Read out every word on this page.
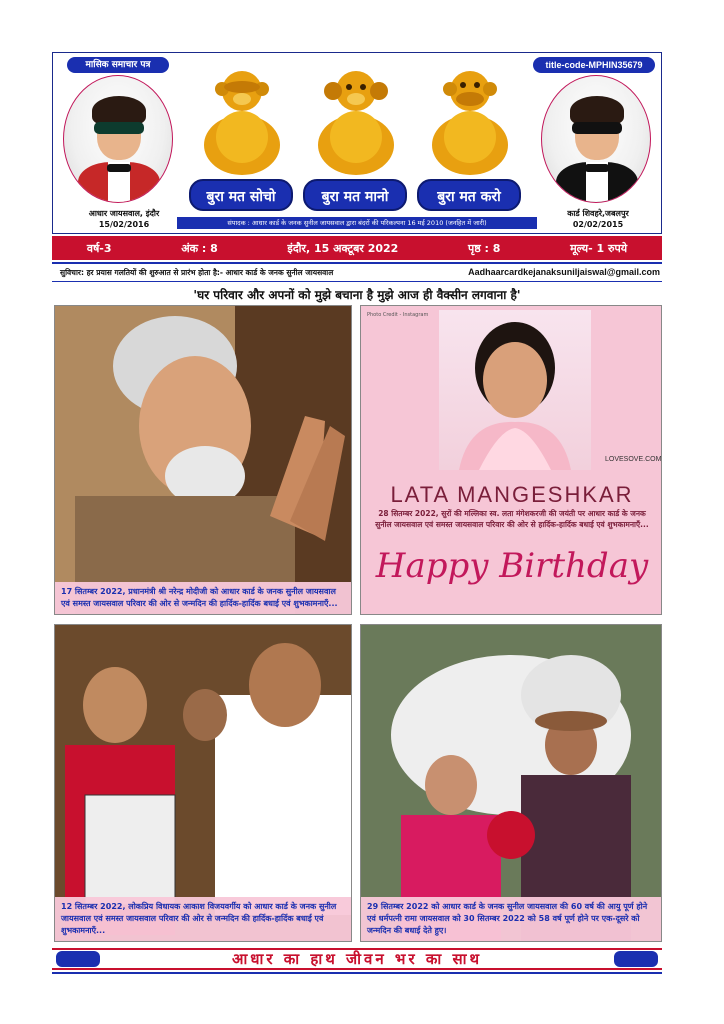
मासिक समाचार पत्र	title-code-MPHIN35679
आधार जायसवाल, इंदौर
15/02/2016
बुरा मत सोचो	बुरा मत मानो	बुरा मत करो
संपादक : आधार कार्ड के जनक सुनील जायसवाल द्वारा बंदरों की परिकल्पना 16 मई 2010 (जनहित में जारी)
कार्ड शिवहरे,जबलपुर
02/02/2015
वर्ष-3	अंक : 8	इंदौर, 15 अक्टूबर 2022	पृष्ठ : 8	मूल्य- 1 रुपये
सुविचार: हर प्रयास गलतियों की शुरुआत से प्रारंभ होता है:- आधार कार्ड के जनक सुनील जायसवाल	Aadhaarcardkejanaksuniljaiswal@gmail.com
'घर परिवार और अपनों को मुझे बचाना है मुझे आज ही वैक्सीन लगवाना है'
17 सितम्बर 2022, प्रधानमंत्री श्री नरेन्द्र मोदीजी को आधार कार्ड के जनक सुनील जायसवाल एवं समस्त जायसवाल परिवार की ओर से जन्मदिन की हार्दिक-हार्दिक बधाई एवं शुभकामनाएँ...
Photo Credit - Instagram
LOVESOVE.COM
LATA MANGESHKAR
28 सितम्बर 2022, सुरों की मल्लिका स्व. लता मंगेशकरजी की जयंती पर आधार कार्ड के जनक सुनील जायसवाल एवं समस्त जायसवाल परिवार की ओर से हार्दिक-हार्दिक बधाई एवं शुभकामनाएँ...
Happy Birthday
12 सितम्बर 2022, लोकप्रिय विधायक आकाश विजयवर्गीय को आधार कार्ड के जनक सुनील जायसवाल एवं समस्त जायसवाल परिवार की ओर से जन्मदिन की हार्दिक-हार्दिक बधाई एवं शुभकामनाएँ...
29 सितम्बर 2022 को आधार कार्ड के जनक सुनील जायसवाल की 60 वर्ष की आयु पूर्ण होने एवं धर्मपत्नी रामा जायसवाल को 30 सितम्बर 2022 को 58 वर्ष पूर्ण होने पर एक-दूसरे को जन्मदिन की बधाई देते हुए।
आधार का हाथ जीवन भर का साथ
